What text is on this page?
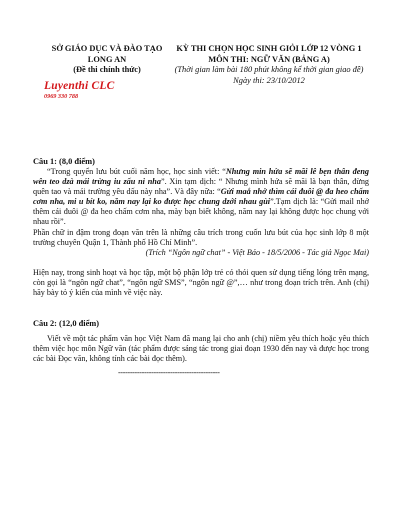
SỞ GIÁO DỤC VÀ ĐÀO TẠO
LONG AN
(Đề thi chính thức)
KỲ THI CHỌN HỌC SINH GIỎI LỚP 12 VÒNG 1
MÔN THI: NGỮ VĂN (BẢNG A)
(Thời gian làm bài 180 phút không kể thời gian giao đề)
Ngày thi: 23/10/2012
Luyenthi CLC
0969 330 788
Câu 1: (8,0 điểm)

“Trong quyển lưu bút cuối năm học, học sinh viết: “Nhưng min hứa sẽ mãi lê bẹn thân đeng wên teo dzà mái trừng iu zấu ni nha”. Xin tạm dịch: “ Nhưng mình hứa sẽ mãi là bạn thân, đừng quên tao và mái trường yêu dấu này nha”. Và đây nữa: “Gửi maắ nhớ thìm cái đuôi @ đa heo chấm cơm nha, mi u bít ko, năm nay lại ko được học chung dzới nhau gùi”.Tạm dịch là: “Gửi mail nhớ thêm cái đuôi @ đa heo chấm cơm nha, mày bạn biết không, năm nay lại không được học chung với nhau rồi”.

Phần chữ in đậm trong đoạn văn trên là những câu trích trong cuốn lưu bút của học sinh lớp 8 một trường chuyên Quận 1, Thành phố Hồ Chí Minh”.

(Trích “Ngôn ngữ chat” - Việt Báo - 18/5/2006 - Tác giả Ngọc Mai)

Hiện nay, trong sinh hoạt và học tập, một bộ phận lớp trẻ có thói quen sử dụng tiếng lóng trên mạng, còn gọi là “ngôn ngữ chat”, “ngôn ngữ SMS”, “ngôn ngữ @”,… như trong đoạn trích trên. Anh (chị) hãy bày tỏ ý kiến của mình về việc này.
Câu 2: (12,0 điểm)
Viết về một tác phẩm văn học Việt Nam đã mang lại cho anh (chị) niềm yêu thích hoặc yêu thích thêm việc học môn Ngữ văn (tác phẩm được sáng tác trong giai đoạn 1930 đến nay và được học trong các bài Đọc văn, không tính các bài đọc thêm).
-------------------------------------------
